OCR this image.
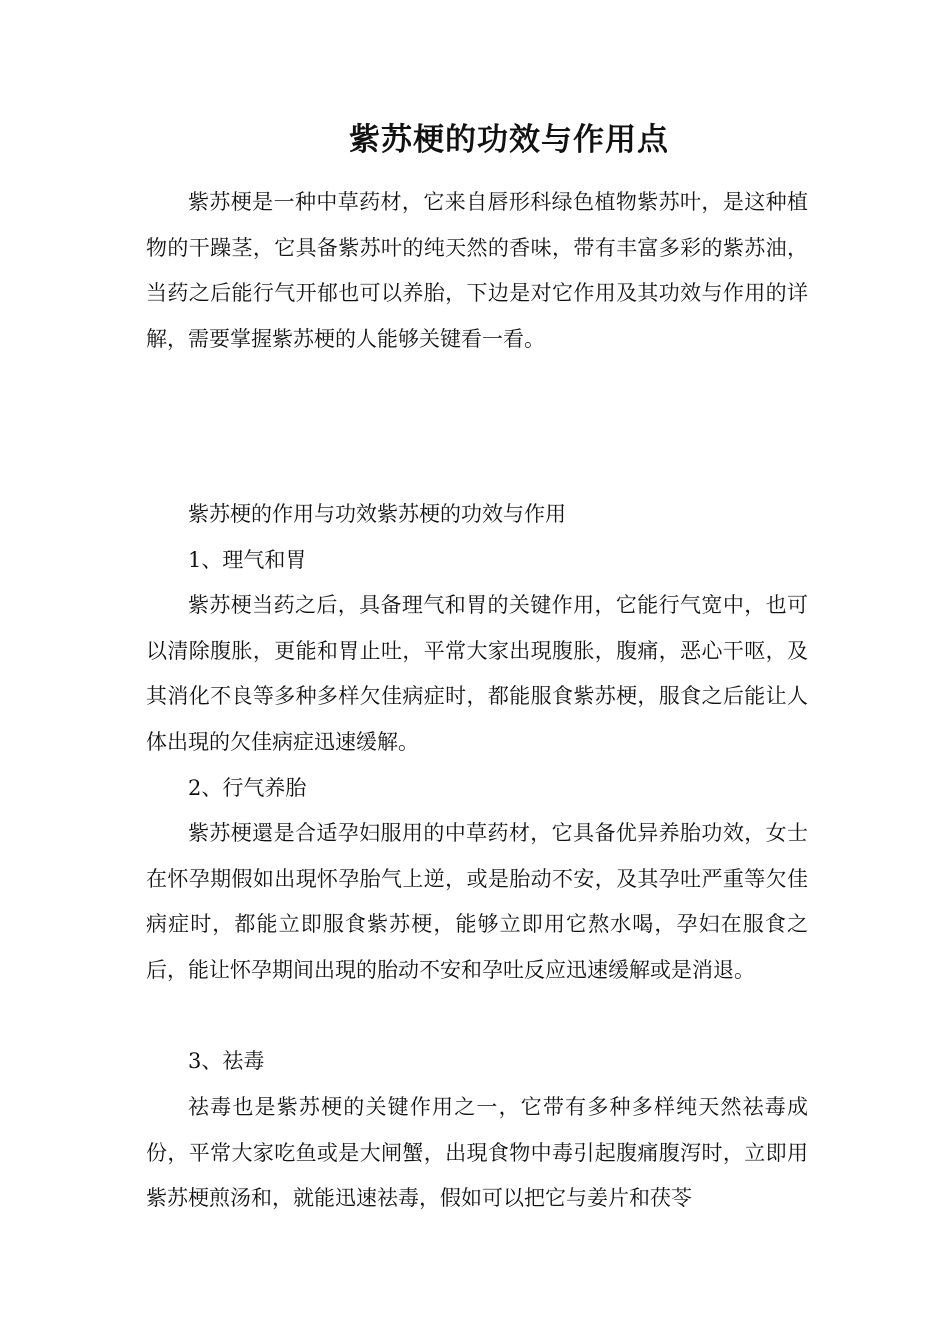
紫苏梗的功效与作用点

紫苏梗是一种中草药材，它来自唇形科绿色植物紫苏叶，是这种植物的干躁茎，它具备紫苏叶的纯天然的香味，带有丰富多彩的紫苏油，当药之后能行气开郁也可以养胎，下边是对它作用及其功效与作用的详解，需要掌握紫苏梗的人能够关键看一看。

紫苏梗的作用与功效紫苏梗的功效与作用

1、理气和胃

紫苏梗当药之后，具备理气和胃的关键作用，它能行气宽中，也可以清除腹胀，更能和胃止吐，平常大家出現腹胀，腹痛，恶心干呕，及其消化不良等多种多样欠佳病症时，都能服食紫苏梗，服食之后能让人体出現的欠佳病症迅速缓解。

2、行气养胎

紫苏梗還是合适孕妇服用的中草药材，它具备优异养胎功效，女士在怀孕期假如出現怀孕胎气上逆，或是胎动不安，及其孕吐严重等欠佳病症时，都能立即服食紫苏梗，能够立即用它熬水喝，孕妇在服食之后，能让怀孕期间出現的胎动不安和孕吐反应迅速缓解或是消退。

3、祛毒

祛毒也是紫苏梗的关键作用之一，它带有多种多样纯天然祛毒成份，平常大家吃鱼或是大闸蟹，出現食物中毒引起腹痛腹泻时，立即用紫苏梗煎汤和，就能迅速祛毒，假如可以把它与姜片和茯苓
